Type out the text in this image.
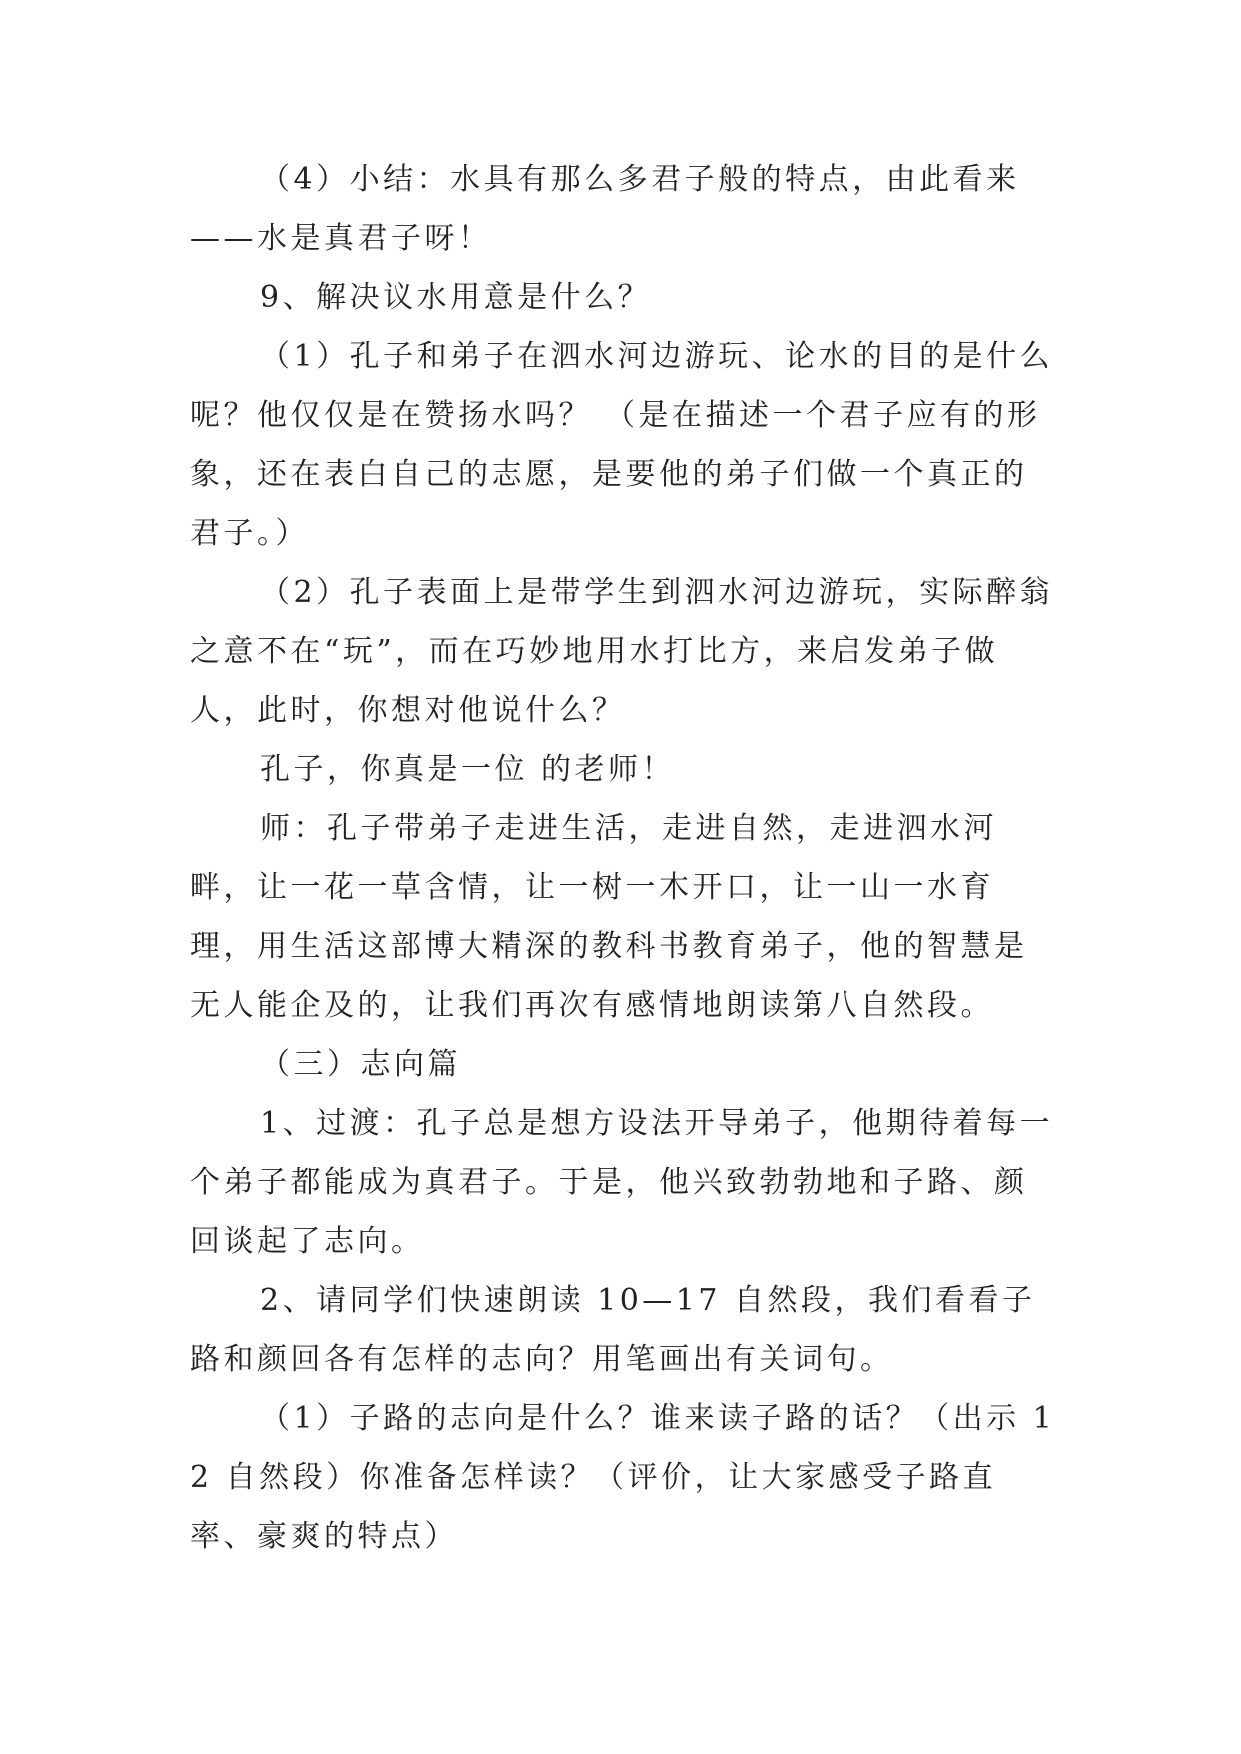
（4）小结：水具有那么多君子般的特点，由此看来——水是真君子呀！

9、解决议水用意是什么？

（1）孔子和弟子在泗水河边游玩、论水的目的是什么呢？他仅仅是在赞扬水吗？ （是在描述一个君子应有的形象，还在表白自己的志愿，是要他的弟子们做一个真正的君子。）

（2）孔子表面上是带学生到泗水河边游玩，实际醉翁之意不在“玩”，而在巧妙地用水打比方，来启发弟子做人，此时，你想对他说什么？

孔子，你真是一位 的老师！

师：孔子带弟子走进生活，走进自然，走进泗水河畔，让一花一草含情，让一树一木开口，让一山一水育理，用生活这部博大精深的教科书教育弟子，他的智慧是无人能企及的，让我们再次有感情地朗读第八自然段。

（三）志向篇

1、过渡：孔子总是想方设法开导弟子，他期待着每一个弟子都能成为真君子。于是，他兴致勃勃地和子路、颜回谈起了志向。

2、请同学们快速朗读 10—17 自然段，我们看看子路和颜回各有怎样的志向？用笔画出有关词句。

（1）子路的志向是什么？谁来读子路的话？（出示 12 自然段）你准备怎样读？（评价，让大家感受子路直率、豪爽的特点）
